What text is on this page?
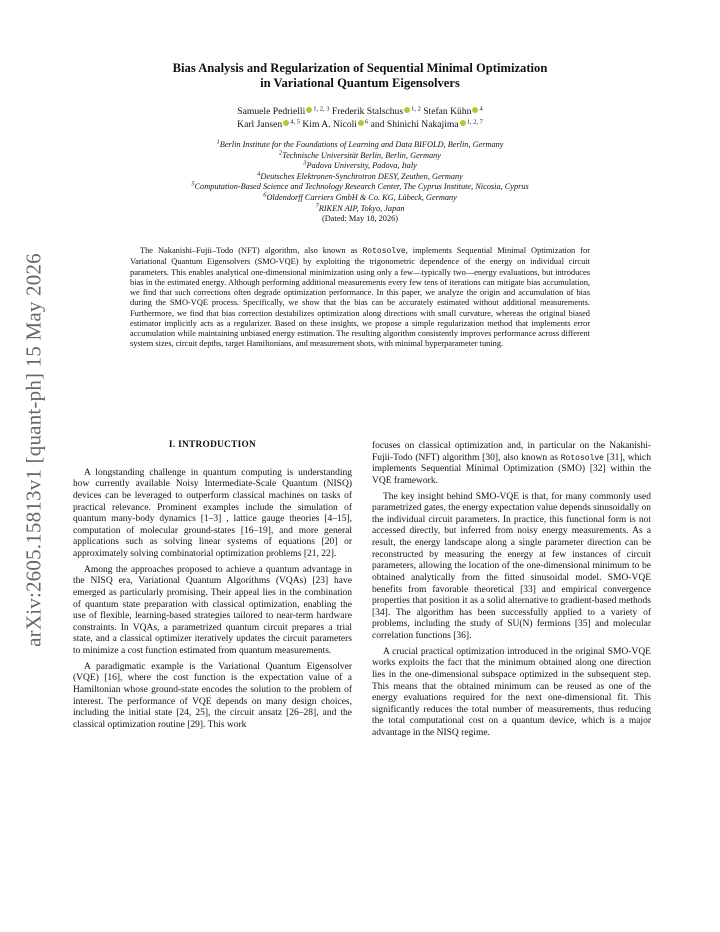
arXiv:2605.15813v1 [quant-ph] 15 May 2026
Bias Analysis and Regularization of Sequential Minimal Optimization
in Variational Quantum Eigensolvers
Samuele Pedrielli $^{1, 2, 3}$ Frederik Stalschus $^{1, 2}$ Stefan Kühn $^4$
Karl Jansen $^{4, 5}$ Kim A. Nicoli $^6$ and Shinichi Nakajima $^{1, 2, 7}$
$^1$Berlin Institute for the Foundations of Learning and Data BIFOLD, Berlin, Germany
$^2$Technische Universität Berlin, Berlin, Germany
$^3$Padova University, Padova, Italy
$^4$Deutsches Elektronen-Synchrotron DESY, Zeuthen, Germany
$^5$Computation-Based Science and Technology Research Center, The Cyprus Institute, Nicosia, Cyprus
$^6$Oldendorff Carriers GmbH & Co. KG, Lübeck, Germany
$^7$RIKEN AIP, Tokyo, Japan
(Dated: May 18, 2026)

The Nakanishi–Fujii–Todo (NFT) algorithm, also known as Rotosolve, implements Sequential Minimal Optimization for Variational Quantum Eigensolvers (SMO-VQE) by exploiting the trigonometric dependence of the energy on individual circuit parameters. This enables analytical one-dimensional minimization using only a few—typically two—energy evaluations, but introduces bias in the estimated energy. Although performing additional measurements every few tens of iterations can mitigate bias accumulation, we find that such corrections often degrade optimization performance. In this paper, we analyze the origin and accumulation of bias during the SMO-VQE process. Specifically, we show that the bias can be accurately estimated without additional measurements. Furthermore, we find that bias correction destabilizes optimization along directions with small curvature, whereas the original biased estimator implicitly acts as a regularizer. Based on these insights, we propose a simple regularization method that implements error accumulation while maintaining unbiased energy estimation. The resulting algorithm consistently improves performance across different system sizes, circuit depths, target Hamiltonians, and measurement shots, with minimal hyperparameter tuning.

I. INTRODUCTION

A longstanding challenge in quantum computing is understanding how currently available Noisy Intermediate-Scale Quantum (NISQ) devices can be leveraged to outperform classical machines on tasks of practical relevance. Prominent examples include the simulation of quantum many-body dynamics [1–3] , lattice gauge theories [4–15], computation of molecular ground-states [16–19], and more general applications such as solving linear systems of equations [20] or approximately solving combinatorial optimization problems [21, 22].

Among the approaches proposed to achieve a quantum advantage in the NISQ era, Variational Quantum Algorithms (VQAs) [23] have emerged as particularly promising. Their appeal lies in the combination of quantum state preparation with classical optimization, enabling the use of flexible, learning-based strategies tailored to near-term hardware constraints. In VQAs, a parametrized quantum circuit prepares a trial state, and a classical optimizer iteratively updates the circuit parameters to minimize a cost function estimated from quantum measurements.

A paradigmatic example is the Variational Quantum Eigensolver (VQE) [16], where the cost function is the expectation value of a Hamiltonian whose ground-state encodes the solution to the problem of interest. The performance of VQE depends on many design choices, including the initial state [24, 25], the circuit ansatz [26–28], and the classical optimization routine [29]. This work

focuses on classical optimization and, in particular on the Nakanishi-Fujii-Todo (NFT) algorithm [30], also known as Rotosolve [31], which implements Sequential Minimal Optimization (SMO) [32] within the VQE framework.

The key insight behind SMO-VQE is that, for many commonly used parametrized gates, the energy expectation value depends sinusoidally on the individual circuit parameters. In practice, this functional form is not accessed directly, but inferred from noisy energy measurements. As a result, the energy landscape along a single parameter direction can be reconstructed by measuring the energy at few instances of circuit parameters, allowing the location of the one-dimensional minimum to be obtained analytically from the fitted sinusoidal model. SMO-VQE benefits from favorable theoretical [33] and empirical convergence properties that position it as a solid alternative to gradient-based methods [34]. The algorithm has been successfully applied to a variety of problems, including the study of SU(N) fermions [35] and molecular correlation functions [36].

A crucial practical optimization introduced in the original SMO-VQE works exploits the fact that the minimum obtained along one direction lies in the one-dimensional subspace optimized in the subsequent step. This means that the obtained minimum can be reused as one of the energy evaluations required for the next one-dimensional fit. This significantly reduces the total number of measurements, thus reducing the total computational cost on a quantum device, which is a major advantage in the NISQ regime.
